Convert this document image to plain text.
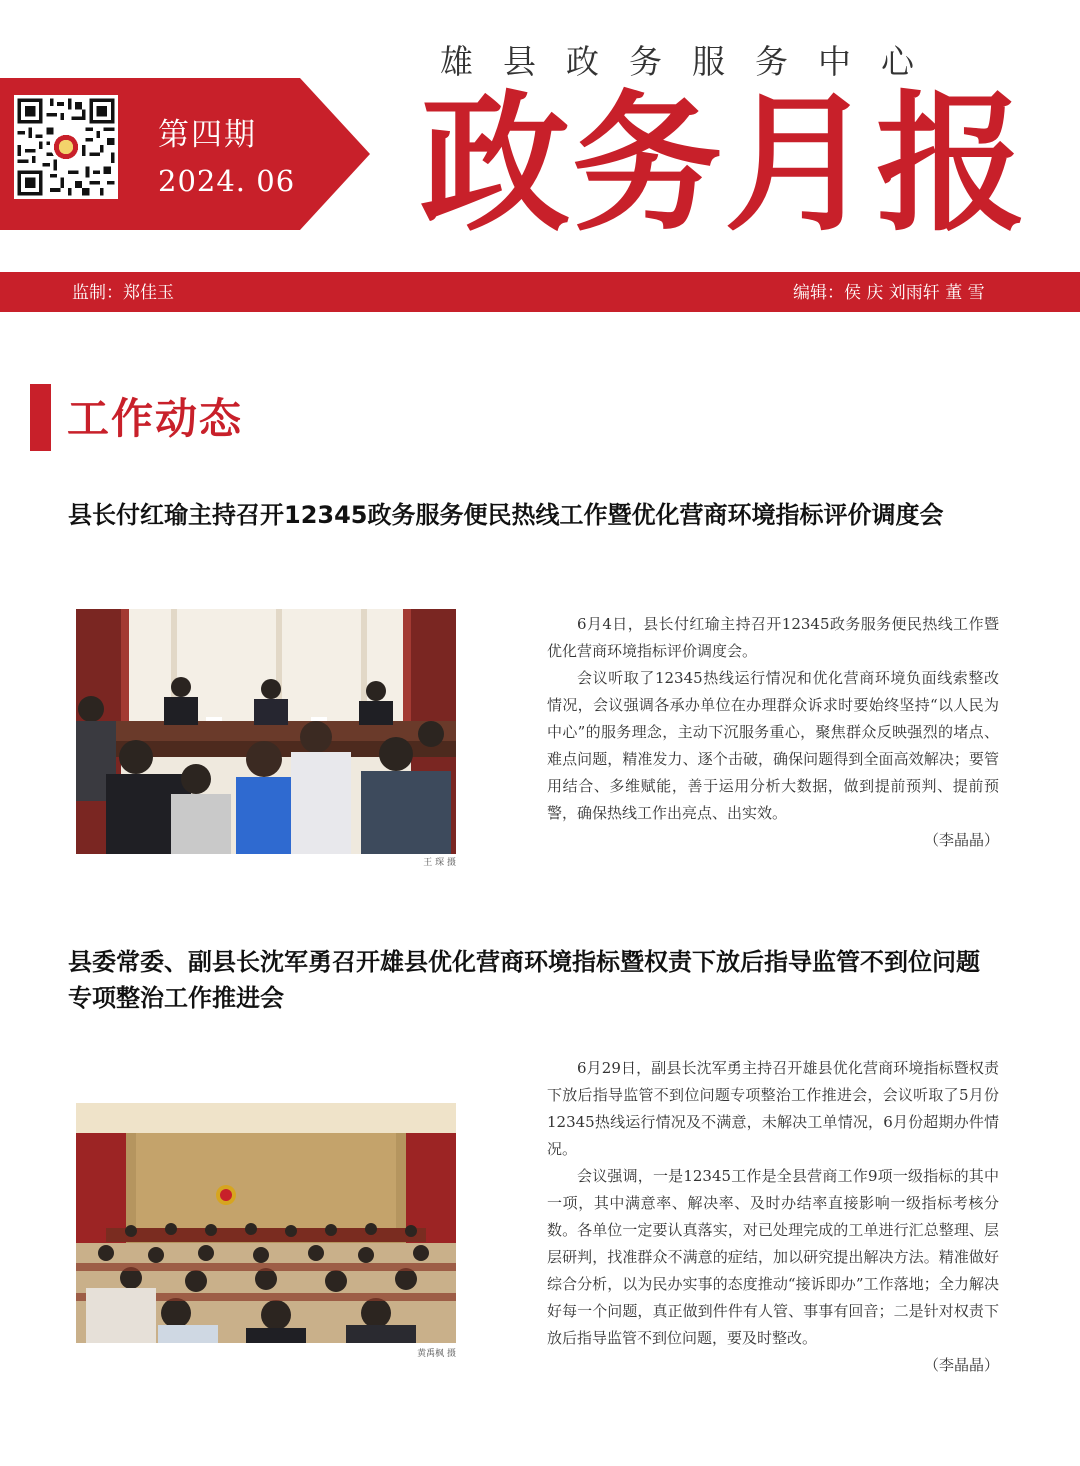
第四期
2024. 06
雄县政务服务中心
政务月报
监制：郑佳玉	编辑：侯 庆 刘雨轩 董 雪
工作动态
县长付红瑜主持召开12345政务服务便民热线工作暨优化营商环境指标评价调度会
王 琛 摄

6月4日，县长付红瑜主持召开12345政务服务便民热线工作暨优化营商环境指标评价调度会。

会议听取了12345热线运行情况和优化营商环境负面线索整改情况，会议强调各承办单位在办理群众诉求时要始终坚持“以人民为中心”的服务理念，主动下沉服务重心，聚焦群众反映强烈的堵点、难点问题，精准发力、逐个击破，确保问题得到全面高效解决；要管用结合、多维赋能，善于运用分析大数据，做到提前预判、提前预警，确保热线工作出亮点、出实效。

（李晶晶）

县委常委、副县长沈军勇召开雄县优化营商环境指标暨权责下放后指导监管不到位问题专项整治工作推进会
黄禹枫 摄

6月29日，副县长沈军勇主持召开雄县优化营商环境指标暨权责下放后指导监管不到位问题专项整治工作推进会，会议听取了5月份12345热线运行情况及不满意，未解决工单情况，6月份超期办件情况。

会议强调，一是12345工作是全县营商工作9项一级指标的其中一项，其中满意率、解决率、及时办结率直接影响一级指标考核分数。各单位一定要认真落实，对已处理完成的工单进行汇总整理、层层研判，找准群众不满意的症结，加以研究提出解决方法。精准做好综合分析，以为民办实事的态度推动“接诉即办”工作落地；全力解决好每一个问题，真正做到件件有人管、事事有回音；二是针对权责下放后指导监管不到位问题，要及时整改。

（李晶晶）
